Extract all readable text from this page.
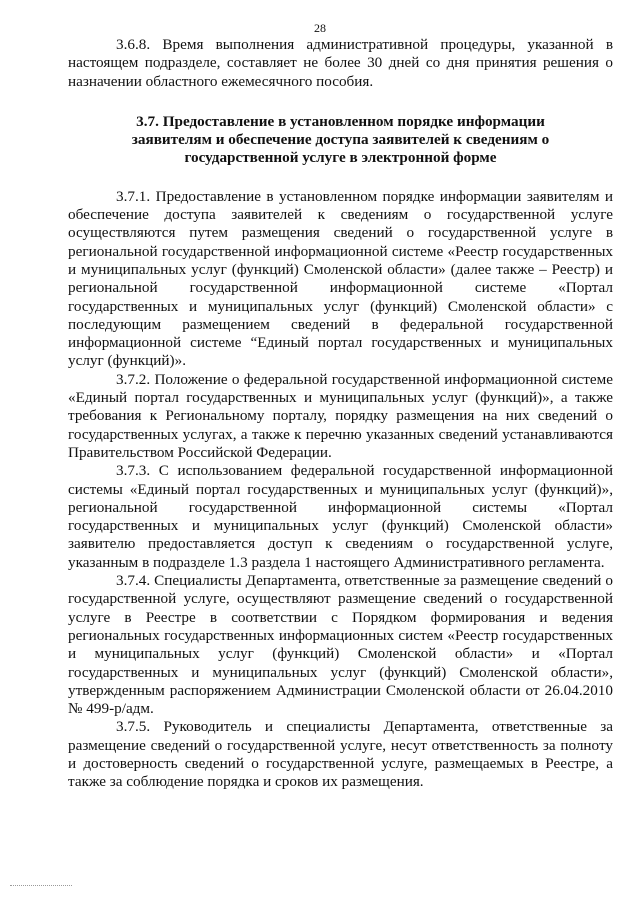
28

3.6.8. Время выполнения административной процедуры, указанной в настоящем подразделе, составляет не более 30 дней со дня принятия решения о назначении областного ежемесячного пособия.

3.7. Предоставление в установленном порядке информации заявителям и обеспечение доступа заявителей к сведениям о государственной услуге в электронной форме

3.7.1. Предоставление в установленном порядке информации заявителям и обеспечение доступа заявителей к сведениям о государственной услуге осуществляются путем размещения сведений о государственной услуге в региональной государственной информационной системе «Реестр государственных и муниципальных услуг (функций) Смоленской области» (далее также – Реестр) и региональной государственной информационной системе «Портал государственных и муниципальных услуг (функций) Смоленской области» с последующим размещением сведений в федеральной государственной информационной системе “Единый портал государственных и муниципальных услуг (функций)».

3.7.2. Положение о федеральной государственной информационной системе «Единый портал государственных и муниципальных услуг (функций)», а также требования к Региональному порталу, порядку размещения на них сведений о государственных услугах, а также к перечню указанных сведений устанавливаются Правительством Российской Федерации.

3.7.3. С использованием федеральной государственной информационной системы «Единый портал государственных и муниципальных услуг (функций)», региональной государственной информационной системы «Портал государственных и муниципальных услуг (функций) Смоленской области» заявителю предоставляется доступ к сведениям о государственной услуге, указанным в подразделе 1.3 раздела 1 настоящего Административного регламента.

3.7.4. Специалисты Департамента, ответственные за размещение сведений о государственной услуге, осуществляют размещение сведений о государственной услуге в Реестре в соответствии с Порядком формирования и ведения региональных государственных информационных систем «Реестр государственных и муниципальных услуг (функций) Смоленской области» и «Портал государственных и муниципальных услуг (функций) Смоленской области», утвержденным распоряжением Администрации Смоленской области от 26.04.2010 № 499-р/адм.

3.7.5. Руководитель и специалисты Департамента, ответственные за размещение сведений о государственной услуге, несут ответственность за полноту и достоверность сведений о государственной услуге, размещаемых в Реестре, а также за соблюдение порядка и сроков их размещения.
